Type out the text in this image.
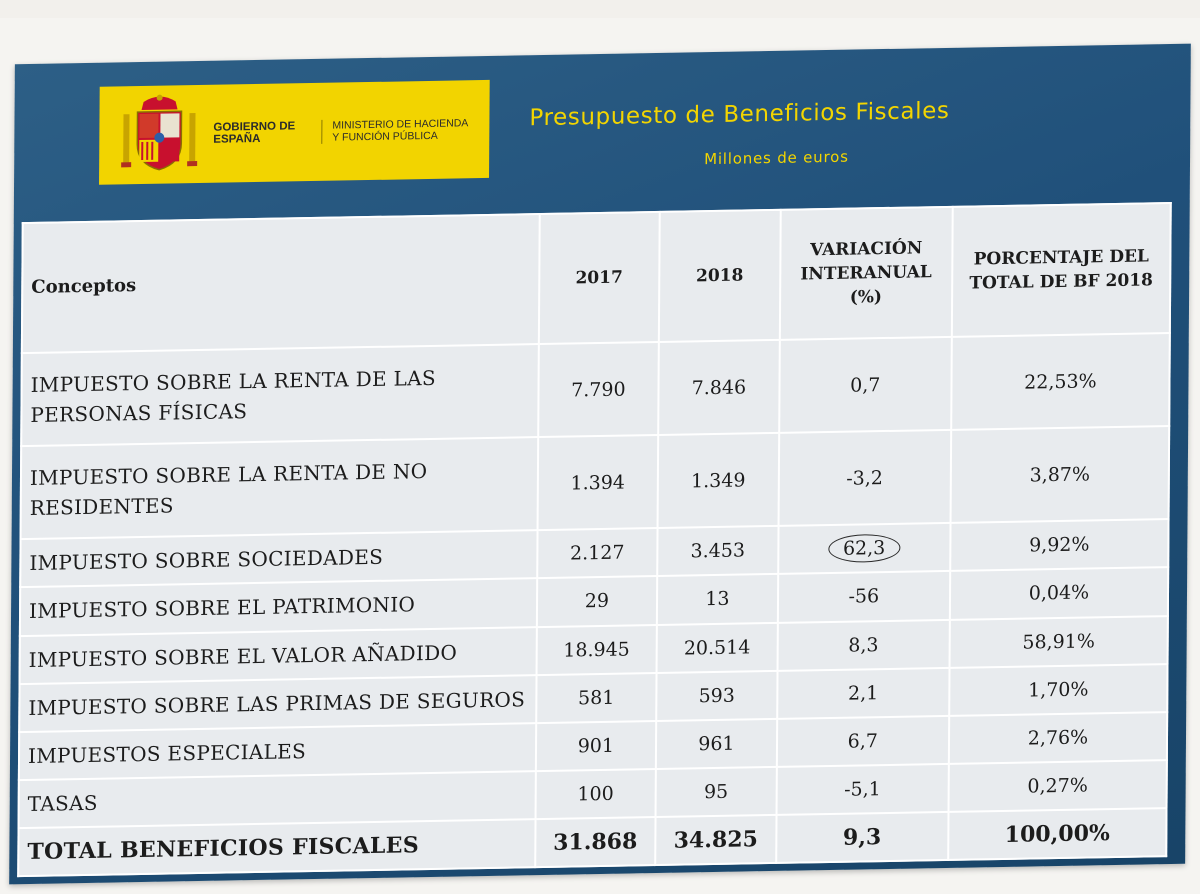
GOBIERNO DE ESPAÑA
MINISTERIO DE HACIENDA Y FUNCIÓN PÚBLICA
Presupuesto de Beneficios Fiscales
Millones de euros
Conceptos	2017	2018	VARIACIÓN INTERANUAL (%)	PORCENTAJE DEL TOTAL DE BF 2018
IMPUESTO SOBRE LA RENTA DE LAS PERSONAS FÍSICAS	7.790	7.846	0,7	22,53%
IMPUESTO SOBRE LA RENTA DE NO RESIDENTES	1.394	1.349	-3,2	3,87%
IMPUESTO SOBRE SOCIEDADES	2.127	3.453	62,3	9,92%
IMPUESTO SOBRE EL PATRIMONIO	29	13	-56	0,04%
IMPUESTO SOBRE EL VALOR AÑADIDO	18.945	20.514	8,3	58,91%
IMPUESTO SOBRE LAS PRIMAS DE SEGUROS	581	593	2,1	1,70%
IMPUESTOS ESPECIALES	901	961	6,7	2,76%
TASAS	100	95	-5,1	0,27%
TOTAL BENEFICIOS FISCALES	31.868	34.825	9,3	100,00%
